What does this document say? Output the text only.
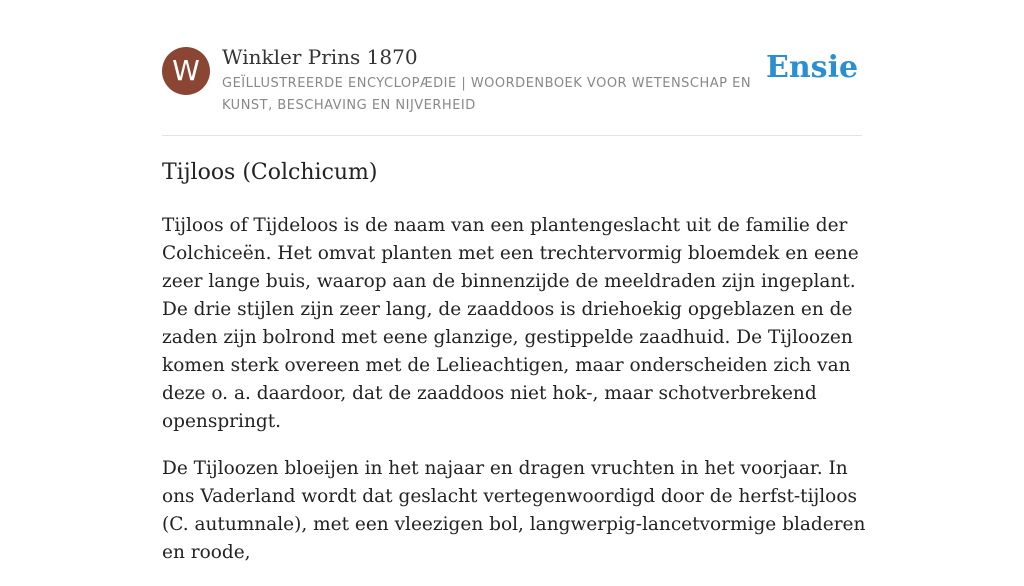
W	Winkler Prins 1870
GEÏLLUSTREERDE ENCYCLOPÆDIE | WOORDENBOEK VOOR WETENSCHAP EN KUNST, BESCHAVING EN NIJVERHEID
Ensie
Tijloos (Colchicum)

Tijloos of Tijdeloos is de naam van een plantengeslacht uit de familie der Colchiceën. Het omvat planten met een trechtervormig bloemdek en eene zeer lange buis, waarop aan de binnenzijde de meeldraden zijn ingeplant. De drie stijlen zijn zeer lang, de zaaddoos is driehoekig opgeblazen en de zaden zijn bolrond met eene glanzige, gestippelde zaadhuid. De Tijloozen komen sterk overeen met de Lelieachtigen, maar onderscheiden zich van deze o. a. daardoor, dat de zaaddoos niet hok-, maar schotverbrekend openspringt.

De Tijloozen bloeijen in het najaar en dragen vruchten in het voorjaar. In ons Vaderland wordt dat geslacht vertegenwoordigd door de herfst-tijloos (C. autumnale), met een vleezigen bol, langwerpig-lancetvormige bladeren en roode,
